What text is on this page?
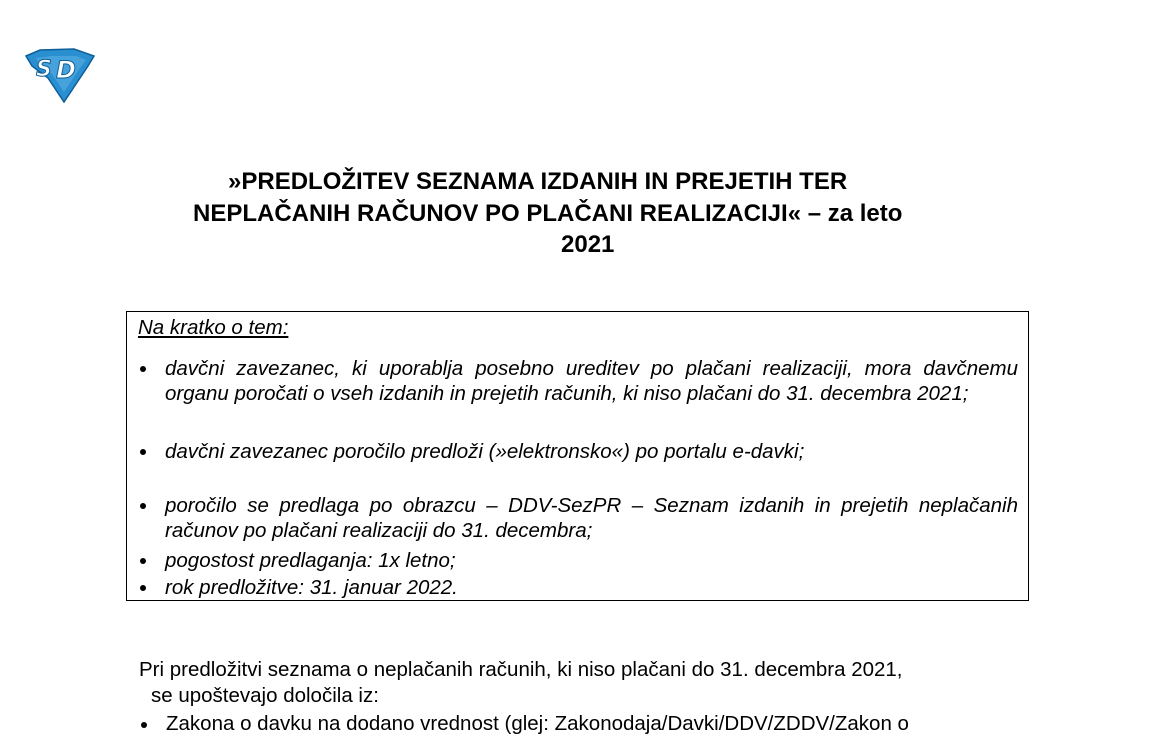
S D
»PREDLOŽITEV SEZNAMA IZDANIH IN PREJETIH TER
NEPLAČANIH RAČUNOV PO PLAČANI REALIZACIJI« – za leto
2021
Na kratko o tem:
davčni zavezanec, ki uporablja posebno ureditev po plačani realizaciji, mora davčnemu organu poročati o vseh izdanih in prejetih računih, ki niso plačani do 31. decembra 2021;
davčni zavezanec poročilo predloži (»elektronsko«) po portalu e-davki;
poročilo se predlaga po obrazcu – DDV-SezPR – Seznam izdanih in prejetih neplačanih računov po plačani realizaciji do 31. decembra;
pogostost predlaganja: 1x letno;
rok predložitve: 31. januar 2022.
Pri predložitvi seznama o neplačanih računih, ki niso plačani do 31. decembra 2021,
se upoštevajo določila iz:
Zakona o davku na dodano vrednost (glej: Zakonodaja/Davki/DDV/ZDDV/Zakon o
